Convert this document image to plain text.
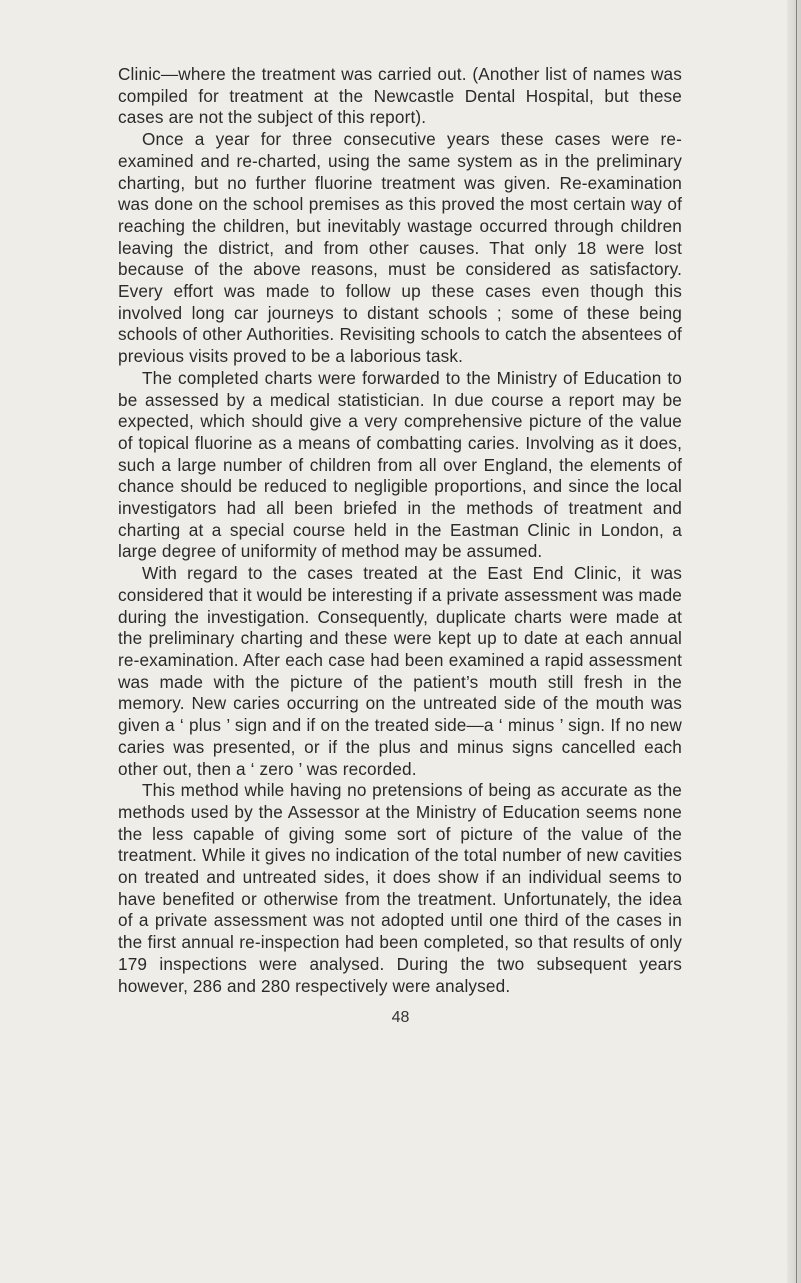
Clinic—where the treatment was carried out. (Another list of names was compiled for treatment at the Newcastle Dental Hospital, but these cases are not the subject of this report).

Once a year for three consecutive years these cases were re-examined and re-charted, using the same system as in the preliminary charting, but no further fluorine treatment was given. Re-examination was done on the school premises as this proved the most certain way of reaching the children, but inevitably wastage occurred through children leaving the district, and from other causes. That only 18 were lost because of the above reasons, must be considered as satisfactory. Every effort was made to follow up these cases even though this involved long car journeys to distant schools ; some of these being schools of other Authorities. Revisiting schools to catch the absentees of previous visits proved to be a laborious task.

The completed charts were forwarded to the Ministry of Education to be assessed by a medical statistician. In due course a report may be expected, which should give a very comprehensive picture of the value of topical fluorine as a means of combatting caries. Involving as it does, such a large number of children from all over England, the elements of chance should be reduced to negligible proportions, and since the local investigators had all been briefed in the methods of treatment and charting at a special course held in the Eastman Clinic in London, a large degree of uniformity of method may be assumed.

With regard to the cases treated at the East End Clinic, it was considered that it would be interesting if a private assessment was made during the investigation. Consequently, duplicate charts were made at the preliminary charting and these were kept up to date at each annual re-examination. After each case had been examined a rapid assessment was made with the picture of the patient’s mouth still fresh in the memory. New caries occurring on the untreated side of the mouth was given a ‘ plus ’ sign and if on the treated side—a ‘ minus ’ sign. If no new caries was presented, or if the plus and minus signs cancelled each other out, then a ‘ zero ’ was recorded.

This method while having no pretensions of being as accurate as the methods used by the Assessor at the Ministry of Education seems none the less capable of giving some sort of picture of the value of the treatment. While it gives no indication of the total number of new cavities on treated and untreated sides, it does show if an individual seems to have benefited or otherwise from the treatment. Unfortunately, the idea of a private assessment was not adopted until one third of the cases in the first annual re-inspection had been completed, so that results of only 179 inspections were analysed. During the two subsequent years however, 286 and 280 respectively were analysed.

48
